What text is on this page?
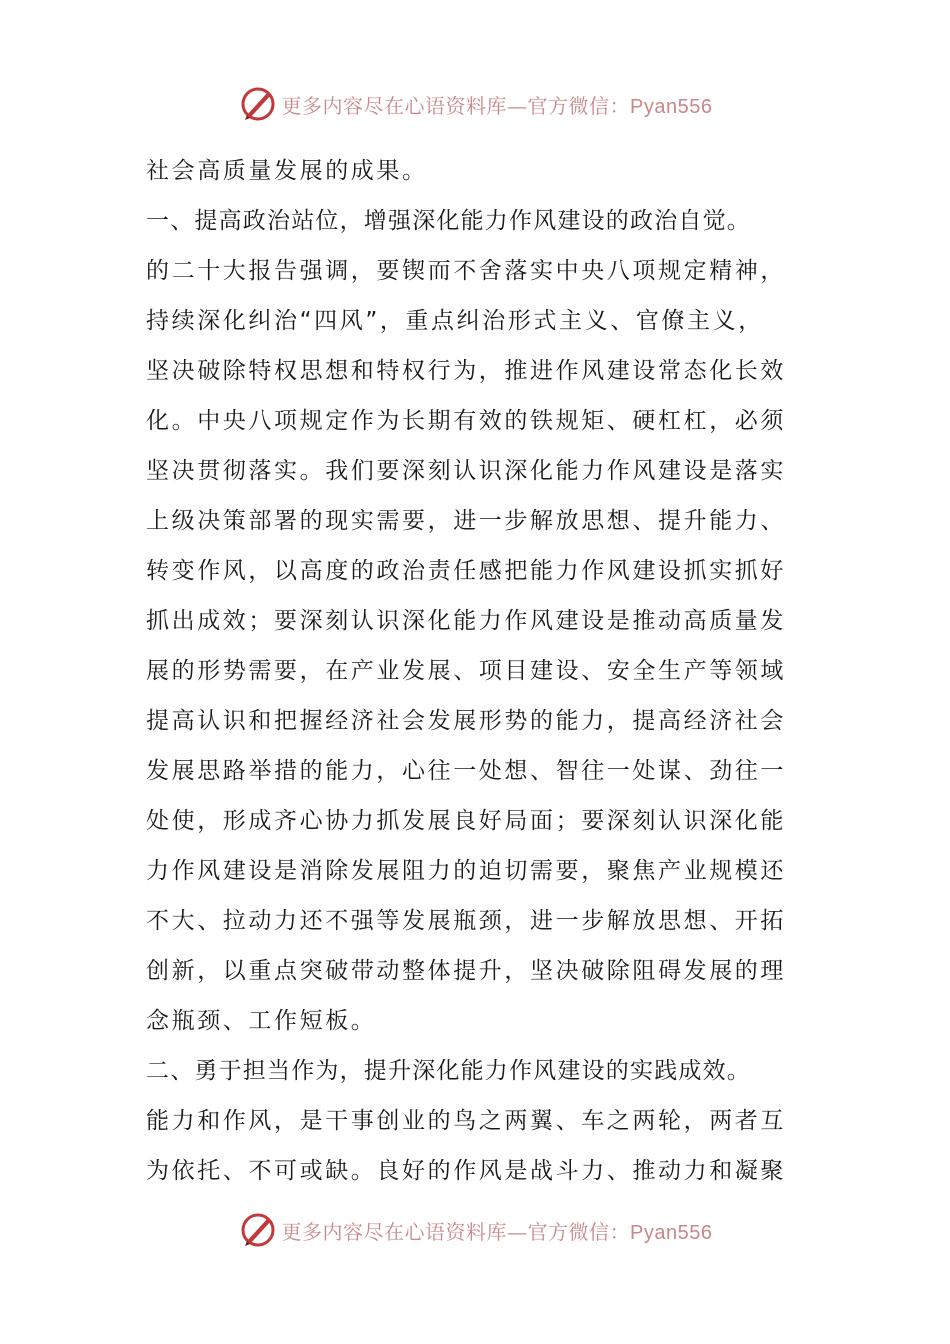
更多内容尽在心语资料库—官方微信：Pyan556
社会高质量发展的成果。
一、提高政治站位，增强深化能力作风建设的政治自觉。
的二十大报告强调，要锲而不舍落实中央八项规定精神，
持续深化纠治“四风”，重点纠治形式主义、官僚主义，
坚决破除特权思想和特权行为，推进作风建设常态化长效
化。中央八项规定作为长期有效的铁规矩、硬杠杠，必须
坚决贯彻落实。我们要深刻认识深化能力作风建设是落实
上级决策部署的现实需要，进一步解放思想、提升能力、
转变作风，以高度的政治责任感把能力作风建设抓实抓好
抓出成效；要深刻认识深化能力作风建设是推动高质量发
展的形势需要，在产业发展、项目建设、安全生产等领域
提高认识和把握经济社会发展形势的能力，提高经济社会
发展思路举措的能力，心往一处想、智往一处谋、劲往一
处使，形成齐心协力抓发展良好局面；要深刻认识深化能
力作风建设是消除发展阻力的迫切需要，聚焦产业规模还
不大、拉动力还不强等发展瓶颈，进一步解放思想、开拓
创新，以重点突破带动整体提升，坚决破除阻碍发展的理
念瓶颈、工作短板。
二、勇于担当作为，提升深化能力作风建设的实践成效。
能力和作风，是干事创业的鸟之两翼、车之两轮，两者互
为依托、不可或缺。良好的作风是战斗力、推动力和凝聚
更多内容尽在心语资料库—官方微信：Pyan556
